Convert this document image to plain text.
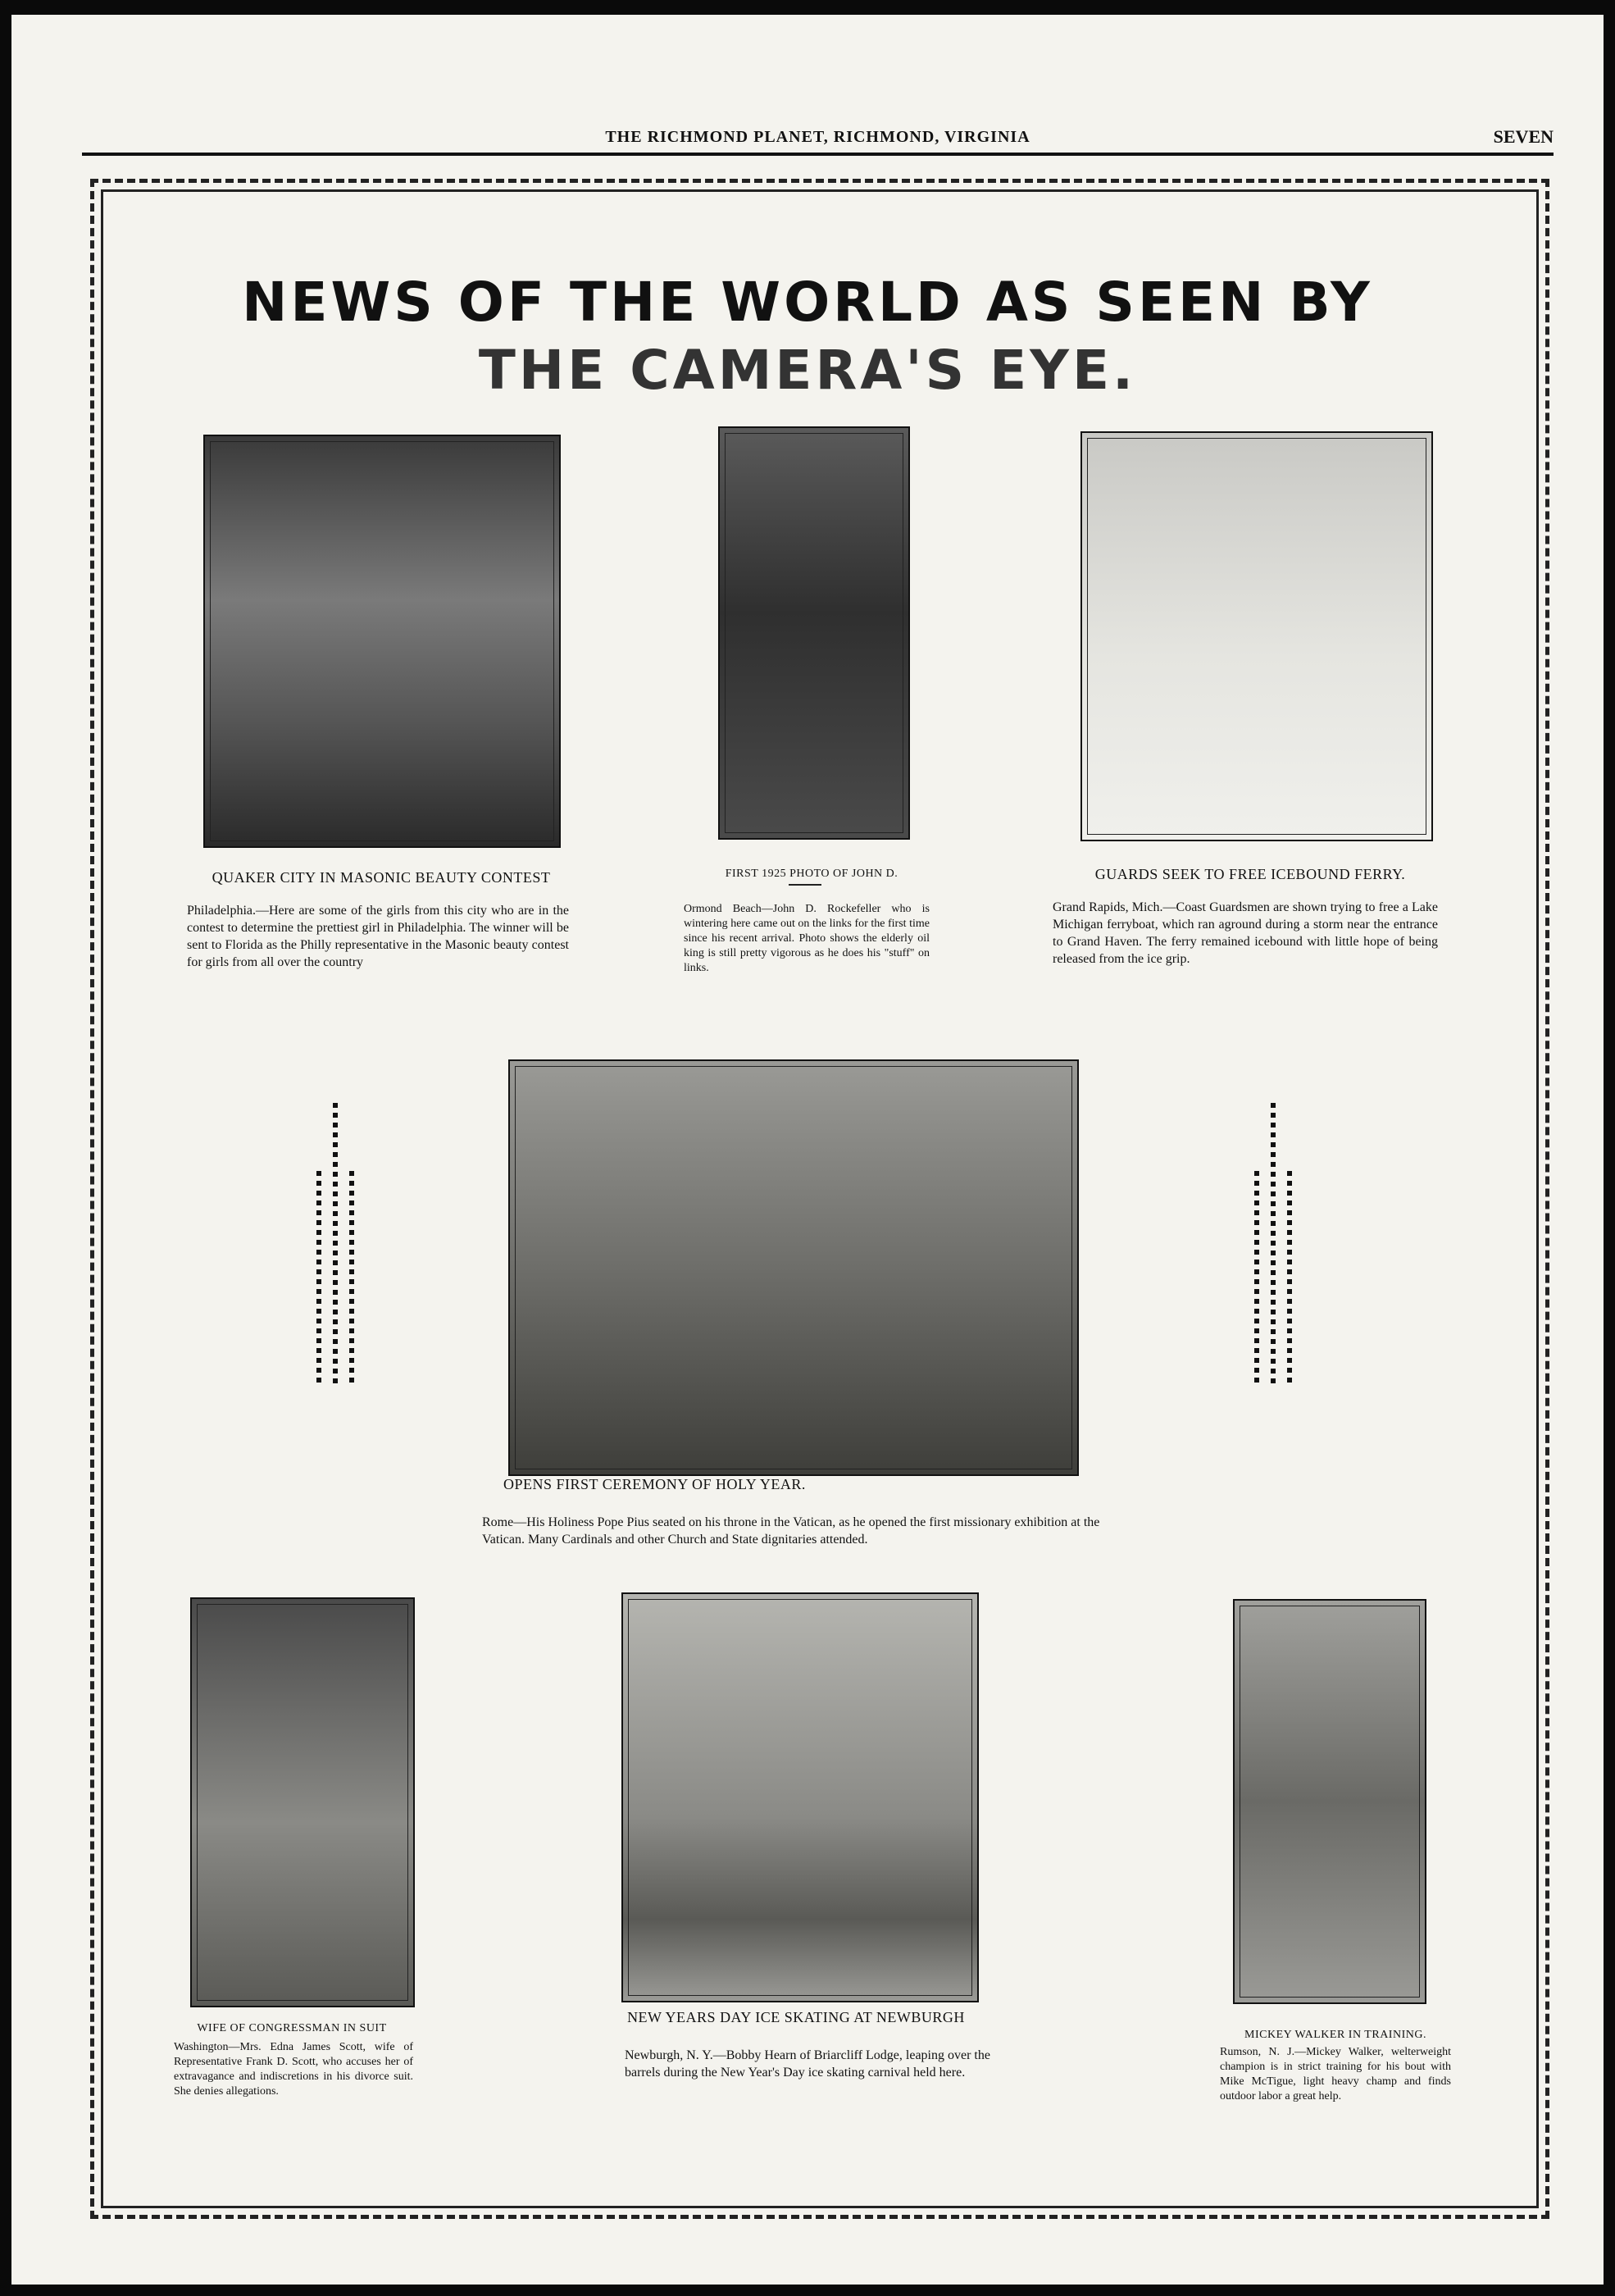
THE RICHMOND PLANET, RICHMOND, VIRGINIA	SEVEN
NEWS OF THE WORLD AS SEEN BY
THE CAMERA'S EYE.
QUAKER CITY IN MASONIC BEAUTY CONTEST
Philadelphia.—Here are some of the girls from this city who are in the contest to determine the prettiest girl in Philadelphia. The winner will be sent to Florida as the Philly representative in the Masonic beauty contest for girls from all over the country
FIRST 1925 PHOTO OF JOHN D.
Ormond Beach—John D. Rockefeller who is wintering here came out on the links for the first time since his recent arrival. Photo shows the elderly oil king is still pretty vigorous as he does his "stuff" on links.
GUARDS SEEK TO FREE ICEBOUND FERRY.
Grand Rapids, Mich.—Coast Guardsmen are shown trying to free a Lake Michigan ferryboat, which ran aground during a storm near the entrance to Grand Haven. The ferry remained icebound with little hope of being released from the ice grip.
OPENS FIRST CEREMONY OF HOLY YEAR.
Rome—His Holiness Pope Pius seated on his throne in the Vatican, as he opened the first missionary exhibition at the Vatican. Many Cardinals and other Church and State dignitaries attended.
WIFE OF CONGRESSMAN IN SUIT
Washington—Mrs. Edna James Scott, wife of Representative Frank D. Scott, who accuses her of extravagance and indiscretions in his divorce suit. She denies allegations.
NEW YEARS DAY ICE SKATING AT NEWBURGH
Newburgh, N. Y.—Bobby Hearn of Briarcliff Lodge, leaping over the barrels during the New Year's Day ice skating carnival held here.
MICKEY WALKER IN TRAINING.
Rumson, N. J.—Mickey Walker, welterweight champion is in strict training for his bout with Mike McTigue, light heavy champ and finds outdoor labor a great help.
